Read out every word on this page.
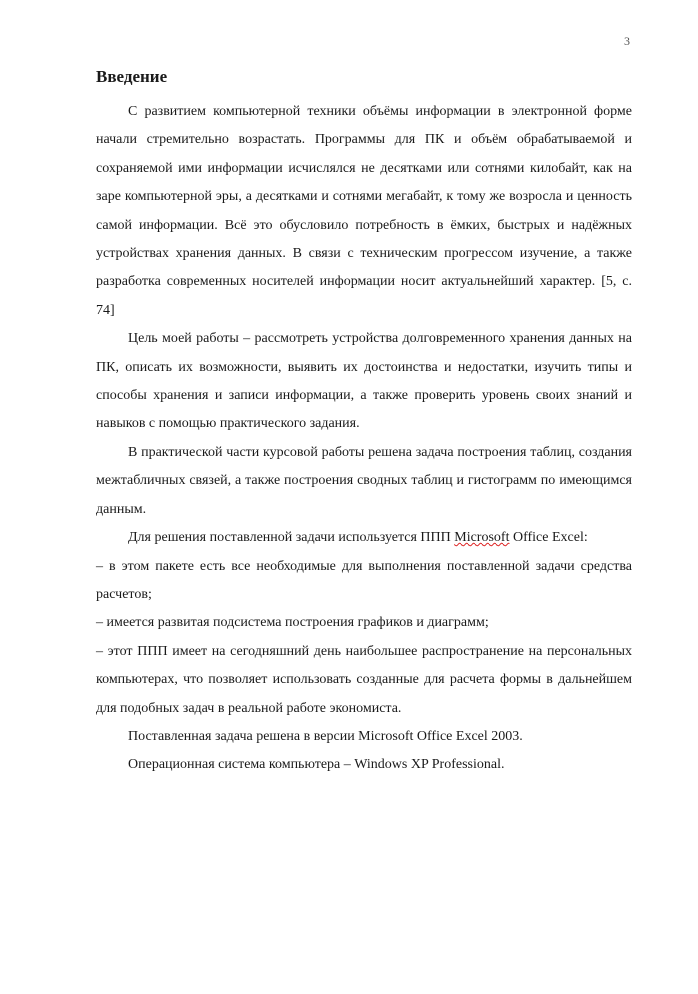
3
Введение

С развитием компьютерной техники объёмы информации в электронной форме начали стремительно возрастать. Программы для ПК и объём обрабатываемой и сохраняемой ими информации исчислялся не десятками или сотнями килобайт, как на заре компьютерной эры, а десятками и сотнями мегабайт, к тому же возросла и ценность самой информации. Всё это обусловило потребность в ёмких, быстрых и надёжных устройствах хранения данных. В связи с техническим прогрессом изучение, а также разработка современных носителей информации носит актуальнейший характер. [5, с. 74]

Цель моей работы – рассмотреть устройства долговременного хранения данных на ПК, описать их возможности, выявить их достоинства и недостатки, изучить типы и способы хранения и записи информации, а также проверить уровень своих знаний и навыков с помощью практического задания.

В практической части курсовой работы решена задача построения таблиц, создания межтабличных связей, а также построения сводных таблиц и гистограмм по имеющимся данным.

Для решения поставленной задачи используется ППП Microsoft Office Excel:

– в этом пакете есть все необходимые для выполнения поставленной задачи средства расчетов;

– имеется развитая подсистема построения графиков и диаграмм;

– этот ППП имеет на сегодняшний день наибольшее распространение на персональных компьютерах, что позволяет использовать созданные для расчета формы в дальнейшем для подобных задач в реальной работе экономиста.

Поставленная задача решена в версии Microsoft Office Excel 2003.

Операционная система компьютера – Windows XP Professional.
